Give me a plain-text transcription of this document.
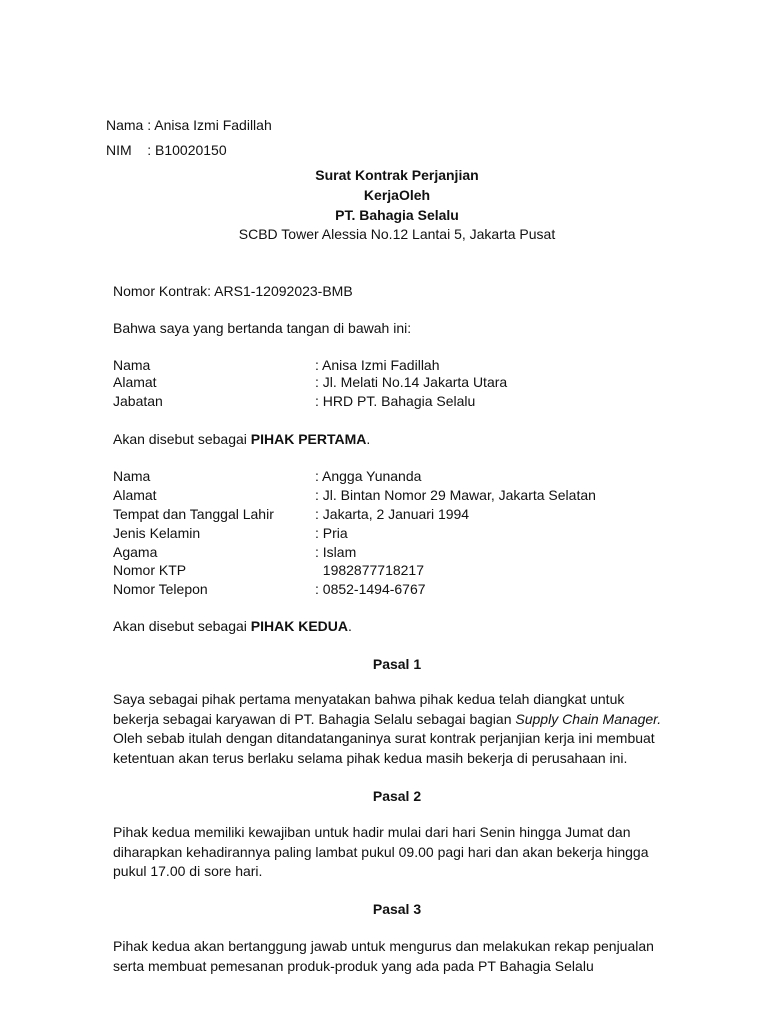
Nama : Anisa Izmi Fadillah
NIM    : B10020150
Surat Kontrak Perjanjian
KerjaOleh
PT. Bahagia Selalu
SCBD Tower Alessia No.12 Lantai 5, Jakarta Pusat
Nomor Kontrak: ARS1-12092023-BMB
Bahwa saya yang bertanda tangan di bawah ini:
Nama	: Anisa Izmi Fadillah
Alamat	: Jl. Melati No.14 Jakarta Utara
Jabatan	: HRD PT. Bahagia Selalu
Akan disebut sebagai PIHAK PERTAMA.
Nama	: Angga Yunanda
Alamat	: Jl. Bintan Nomor 29 Mawar, Jakarta Selatan
Tempat dan Tanggal Lahir	: Jakarta, 2 Januari 1994
Jenis Kelamin	: Pria
Agama	: Islam
Nomor KTP	1982877718217
Nomor Telepon	: 0852-1494-6767
Akan disebut sebagai PIHAK KEDUA.
Pasal 1
Saya sebagai pihak pertama menyatakan bahwa pihak kedua telah diangkat untuk bekerja sebagai karyawan di PT. Bahagia Selalu sebagai bagian Supply Chain Manager. Oleh sebab itulah dengan ditandatanganinya surat kontrak perjanjian kerja ini membuat ketentuan akan terus berlaku selama pihak kedua masih bekerja di perusahaan ini.
Pasal 2
Pihak kedua memiliki kewajiban untuk hadir mulai dari hari Senin hingga Jumat dan diharapkan kehadirannya paling lambat pukul 09.00 pagi hari dan akan bekerja hingga pukul 17.00 di sore hari.
Pasal 3
Pihak kedua akan bertanggung jawab untuk mengurus dan melakukan rekap penjualan serta membuat pemesanan produk-produk yang ada pada PT Bahagia Selalu
